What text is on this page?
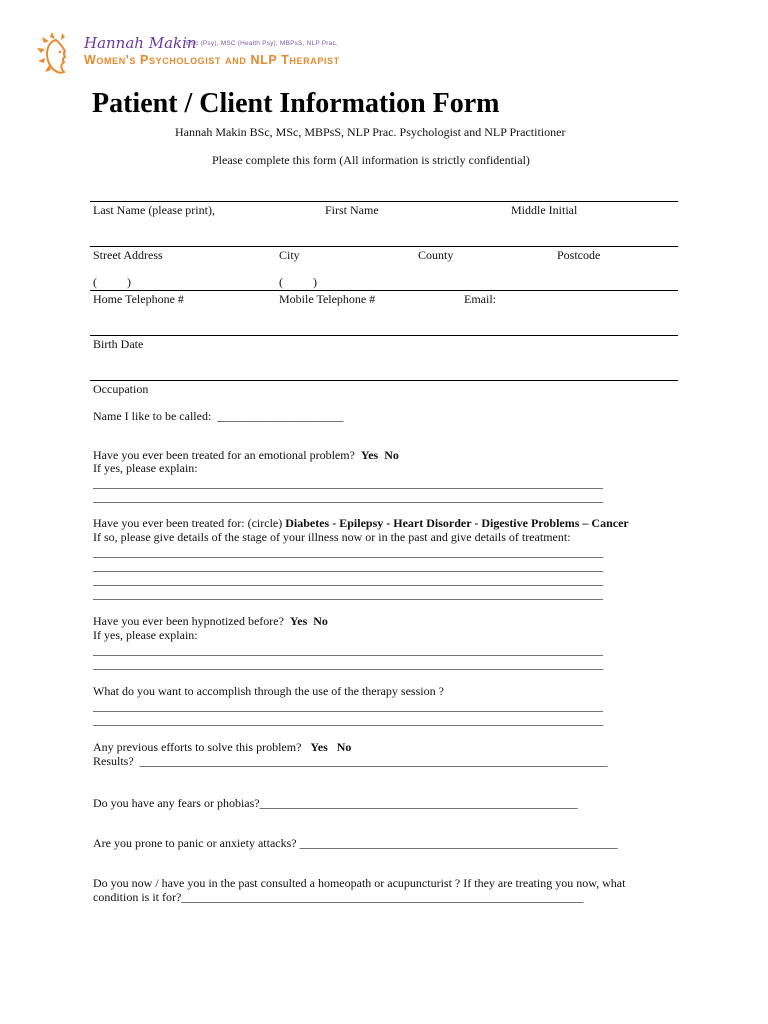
Hannah Makin
BSc (Psy), MSC (Health Psy), MBPsS, NLP Prac.
Women's Psychologist and NLP Therapist
Patient / Client Information Form
Hannah Makin BSc, MSc, MBPsS, NLP Prac. Psychologist and NLP Practitioner
Please complete this form (All information is strictly confidential)
Last Name (please print),	First Name	Middle Initial
Street Address	City	County	Postcode
(          )	(          )
Home Telephone #	Mobile Telephone #	Email:
Birth Date
Occupation
Name I like to be called:  _____________________
Have you ever been treated for an emotional problem? Yes No
If yes, please explain:
_____________________________________________________________________________________
_____________________________________________________________________________________
Have you ever been treated for: (circle) Diabetes - Epilepsy - Heart Disorder - Digestive Problems – Cancer
If so, please give details of the stage of your illness now or in the past and give details of treatment:
_____________________________________________________________________________________
_____________________________________________________________________________________
_____________________________________________________________________________________
_____________________________________________________________________________________
Have you ever been hypnotized before? Yes No
If yes, please explain:
_____________________________________________________________________________________
_____________________________________________________________________________________
What do you want to accomplish through the use of the therapy session ?
_____________________________________________________________________________________
_____________________________________________________________________________________
Any previous efforts to solve this problem? Yes No
Results?  ______________________________________________________________________________
Do you have any fears or phobias?_____________________________________________________
Are you prone to panic or anxiety attacks? _____________________________________________________
Do you now / have you in the past consulted a homeopath or acupuncturist ? If they are treating you now, what
condition is it for?___________________________________________________________________
